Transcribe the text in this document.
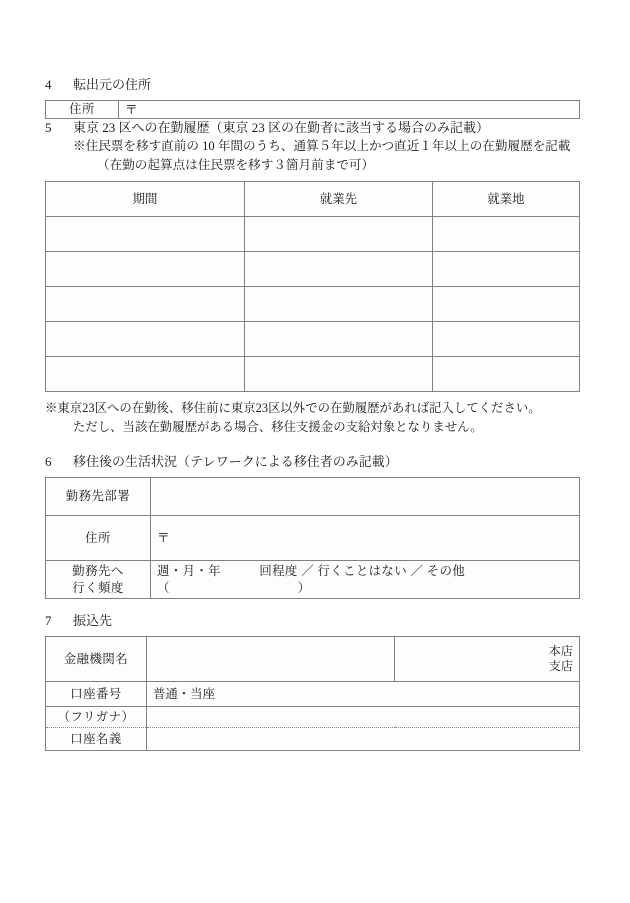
4	転出元の住所
住所	〒
5	東京 23 区への在勤履歴（東京 23 区の在勤者に該当する場合のみ記載）
※住民票を移す直前の 10 年間のうち、通算５年以上かつ直近１年以上の在勤履歴を記載
（在勤の起算点は住民票を移す３箇月前まで可）
期間	就業先	就業地

※東京23区への在勤後、移住前に東京23区以外での在勤履歴があれば記入してください。
ただし、当該在勤履歴がある場合、移住支援金の支給対象となりません。
6	移住後の生活状況（テレワークによる移住者のみ記載）
勤務先部署	
住所	〒

勤務先へ
行く頻度	週・月・年　　　回程度 ／ 行くことはない ／ その他（　　　　　　　　　　）
7	振込先
金融機関名		本店
支店

口座番号	普通・当座	
（フリガナ）		
口座名義		
